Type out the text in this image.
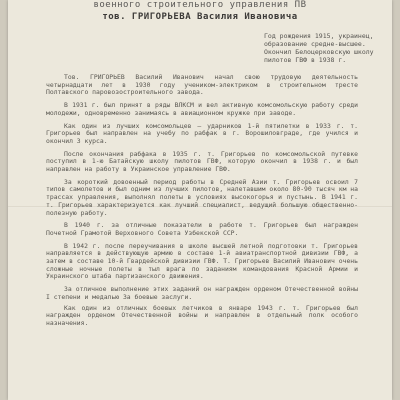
военного строительного управления ПВ
тов. ГРИГОРЬЕВА Василия Ивановича
Год рождения 1915, украинец, образование средне-высшее. Окончил Белоцерковскую школу пилотов ГВФ в 1938 г.

Тов. ГРИГОРЬЕВ Василий Иванович начал свою трудовую деятельность четырнадцати лет в 1930 году учеником-электриком в строительном тресте Полтавского паровозостроительного завода.

В 1931 г. был принят в ряды ВЛКСМ и вел активную комсомольскую работу среди молодежи, одновременно занимаясь в авиационном кружке при заводе.

Как один из лучших комсомольцев — ударников 1-й пятилетки в 1933 г. т. Григорьев был направлен на учебу по рабфак в г. Ворошиловграде, где учился и окончил 3 курса.

После окончания рабфака в 1935 г. т. Григорьев по комсомольской путевке поступил в 1-ю Батайскую школу пилотов ГВФ, которую окончил в 1938 г. и был направлен на работу в Украинское управление ГВФ.

За короткий довоенный период работы в Средней Азии т. Григорьев освоил 7 типов самолетов и был одним из лучших пилотов, налетавшим около 80-90 тысяч км на трассах управления, выполнял полеты в условиях высокогорья и пустынь. В 1941 г. т. Григорьев характеризуется как лучший специалист, ведущий большую общественно-полезную работу.

В 1940 г. за отличные показатели в работе т. Григорьев был награжден Почетной Грамотой Верховного Совета Узбекской ССР.

В 1942 г. после переучивания в школе высшей летной подготовки т. Григорьев направляется в действующую армию в составе 1-й авиатранспортной дивизии ГВФ, а затем в составе 10-й Гвардейской дивизии ГВФ. Т. Григорьев Василий Иванович очень сложные ночные полеты в тыл врага по заданиям командования Красной Армии и Украинского штаба партизанского движения.

За отличное выполнение этих заданий он награжден орденом Отечественной войны I степени и медалью За боевые заслуги.

Как один из отличных боевых летчиков в январе 1943 г. т. Григорьев был награжден орденом Отечественной войны и направлен в отдельный полк особого назначения.
